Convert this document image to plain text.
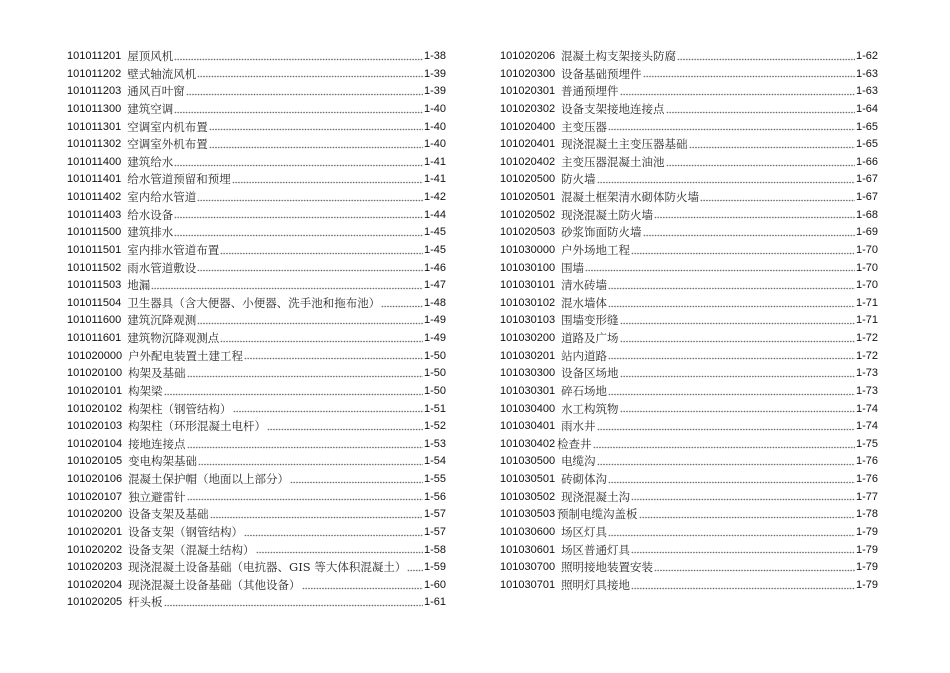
101011201 屋顶风机	1-38
101011202 壁式轴流风机	1-39
101011203 通风百叶窗	1-39
101011300 建筑空调	1-40
101011301 空调室内机布置	1-40
101011302 空调室外机布置	1-40
101011400 建筑给水	1-41
101011401 给水管道预留和预埋	1-41
101011402 室内给水管道	1-42
101011403 给水设备	1-44
101011500 建筑排水	1-45
101011501 室内排水管道布置	1-45
101011502 雨水管道敷设	1-46
101011503 地漏	1-47
101011504 卫生器具（含大便器、小便器、洗手池和拖布池）	1-48
101011600 建筑沉降观测	1-49
101011601 建筑物沉降观测点	1-49
101020000 户外配电装置土建工程	1-50
101020100 构架及基础	1-50
101020101 构架梁	1-50
101020102 构架柱（钢管结构）	1-51
101020103 构架柱（环形混凝土电杆）	1-52
101020104 接地连接点	1-53
101020105 变电构架基础	1-54
101020106 混凝土保护帽（地面以上部分）	1-55
101020107 独立避雷针	1-56
101020200 设备支架及基础	1-57
101020201 设备支架（钢管结构）	1-57
101020202 设备支架（混凝土结构）	1-58
101020203 现浇混凝土设备基础（电抗器、GIS 等大体积混凝土） 1-59
101020204 现浇混凝土设备基础（其他设备）	1-60
101020205 杆头板	1-61
101020206 混凝土构支架接头防腐	1-62
101020300 设备基础预埋件	1-63
101020301 普通预埋件	1-63
101020302 设备支架接地连接点	1-64
101020400 主变压器	1-65
101020401 现浇混凝土主变压器基础	1-65
101020402 主变压器混凝土油池	1-66
101020500 防火墙	1-67
101020501 混凝土框架清水砌体防火墙	1-67
101020502 现浇混凝土防火墙	1-68
101020503 砂浆饰面防火墙	1-69
101030000 户外场地工程	1-70
101030100 围墙	1-70
101030101 清水砖墙	1-70
101030102 混水墙体	1-71
101030103 围墙变形缝	1-71
101030200 道路及广场	1-72
101030201 站内道路	1-72
101030300 设备区场地	1-73
101030301 碎石场地	1-73
101030400 水工构筑物	1-74
101030401 雨水井	1-74
101030402 检查井	1-75
101030500 电缆沟	1-76
101030501 砖砌体沟	1-76
101030502 现浇混凝土沟	1-77
101030503 预制电缆沟盖板	1-78
101030600 场区灯具	1-79
101030601 场区普通灯具	1-79
101030700 照明接地装置安装	1-79
101030701 照明灯具接地	1-79
